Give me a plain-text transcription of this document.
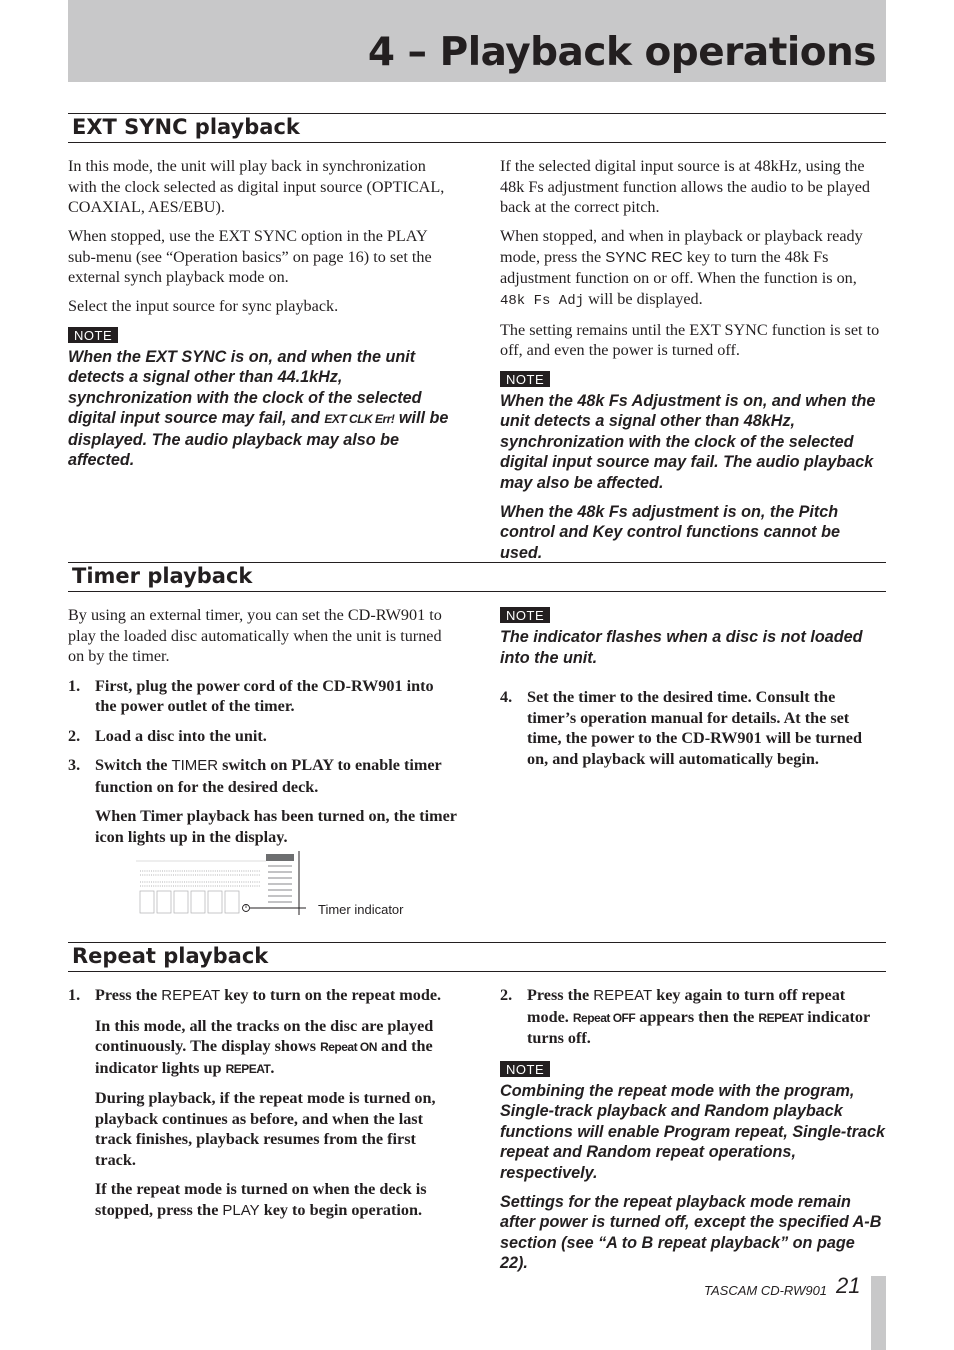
4 – Playback operations
EXT SYNC playback

In this mode, the unit will play back in synchronization with the clock selected as digital input source (OPTICAL, COAXIAL, AES/EBU).

When stopped, use the EXT SYNC option in the PLAY sub-menu (see “Operation basics” on page 16) to set the external synch playback mode on.

Select the input source for sync playback.

NOTE

When the EXT SYNC is on, and when the unit detects a signal other than 44.1kHz, synchronization with the clock of the selected digital input source may fail, and EXT CLK Err! will be displayed. The audio playback may also be affected.

If the selected digital input source is at 48kHz, using the 48k Fs adjustment function allows the audio to be played back at the correct pitch.

When stopped, and when in playback or playback ready mode, press the SYNC REC key to turn the 48k Fs adjustment function on or off. When the function is on, 48k Fs Adj will be displayed.

The setting remains until the EXT SYNC function is set to off, and even the power is turned off.

NOTE

When the 48k Fs Adjustment is on, and when the unit detects a signal other than 48kHz, synchronization with the clock of the selected digital input source may fail. The audio playback may also be affected.

When the 48k Fs adjustment is on, the Pitch control and Key control functions cannot be used.

Timer playback

By using an external timer, you can set the CD-RW901 to play the loaded disc automatically when the unit is turned on by the timer.

1. First, plug the power cord of the CD-RW901 into the power outlet of the timer.
2. Load a disc into the unit.
3. Switch the TIMER switch on PLAY to enable timer function on for the desired deck.
When Timer playback has been turned on, the timer icon lights up in the display.
Timer indicator
NOTE

The indicator flashes when a disc is not loaded into the unit.

4. Set the timer to the desired time. Consult the timer’s operation manual for details. At the set time, the power to the CD-RW901 will be turned on, and playback will automatically begin.
Repeat playback
1. Press the REPEAT key to turn on the repeat mode.
In this mode, all the tracks on the disc are played continuously. The display shows Repeat ON and the indicator lights up REPEAT.
During playback, if the repeat mode is turned on, playback continues as before, and when the last track finishes, playback resumes from the first track.
If the repeat mode is turned on when the deck is stopped, press the PLAY key to begin operation.
2. Press the REPEAT key again to turn off repeat mode. Repeat OFF appears then the REPEAT indicator turns off.
NOTE

Combining the repeat mode with the program, Single-track playback and Random playback functions will enable Program repeat, Single-track repeat and Random repeat operations, respectively.

Settings for the repeat playback mode remain after power is turned off, except the specified A-B section (see “A to B repeat playback” on page 22).

TASCAM CD-RW901 21
